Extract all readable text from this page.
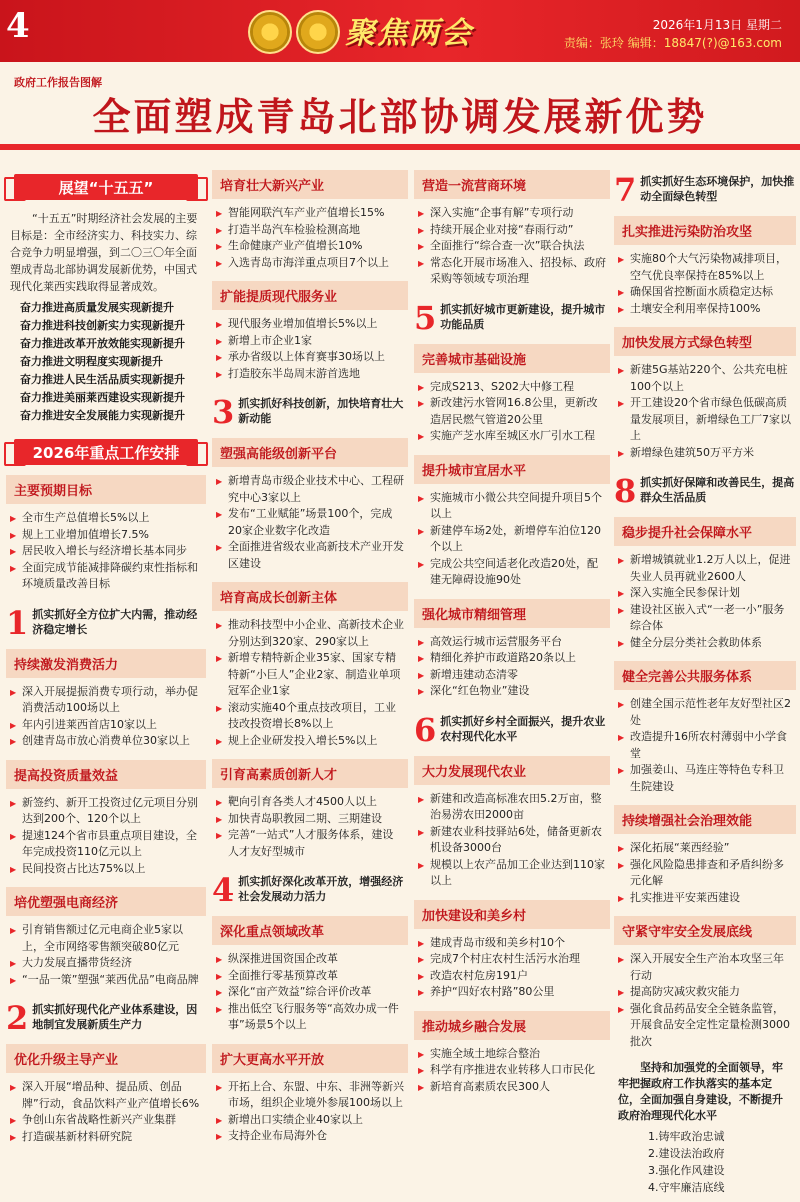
4	聚焦两会	2026年1月13日 星期二
责编：张玲 编辑：18847(?)@163.com
政府工作报告图解
全面塑成青岛北部协调发展新优势
展望“十五五”
“十五五”时期经济社会发展的主要目标是：全市经济实力、科技实力、综合竞争力明显增强，到二〇三〇年全面塑成青岛北部协调发展新优势，中国式现代化莱西实践取得显著成效。
奋力推进高质量发展实现新提升
奋力推进科技创新实力实现新提升
奋力推进改革开放效能实现新提升
奋力推进文明程度实现新提升
奋力推进人民生活品质实现新提升
奋力推进美丽莱西建设实现新提升
奋力推进安全发展能力实现新提升
2026年重点工作安排
主要预期目标
▶ 全市生产总值增长5%以上
▶ 规上工业增加值增长7.5%
▶ 居民收入增长与经济增长基本同步
▶ 全面完成节能减排降碳约束性指标和环境质量改善目标
1 抓实抓好全方位扩大内需，推动经济稳定增长
持续激发消费活力
▶ 深入开展提振消费专项行动，举办促消费活动100场以上
▶ 年内引进莱西首店10家以上
▶ 创建青岛市放心消费单位30家以上
提高投资质量效益
▶ 新签约、新开工投资过亿元项目分别达到200个、120个以上
▶ 提速124个省市县重点项目建设，全年完成投资110亿元以上
▶ 民间投资占比达75%以上
培优塑强电商经济
▶ 引育销售额过亿元电商企业5家以上，全市网络零售额突破80亿元
▶ 大力发展直播带货经济
▶ “一品一策”塑强“莱西优品”电商品牌
2 抓实抓好现代化产业体系建设，因地制宜发展新质生产力
优化升级主导产业
▶ 深入开展“增品种、提品质、创品牌”行动，食品饮料产业产值增长6%
▶ 争创山东省战略性新兴产业集群
▶ 打造碳基新材料研究院
培育壮大新兴产业
▶ 智能网联汽车产业产值增长15%
▶ 打造半岛汽车检验检测高地
▶ 生命健康产业产值增长10%
▶ 入选青岛市海洋重点项目7个以上
扩能提质现代服务业
▶ 现代服务业增加值增长5%以上
▶ 新增上市企业1家
▶ 承办省级以上体育赛事30场以上
▶ 打造胶东半岛周末游首选地
3 抓实抓好科技创新，加快培育壮大新动能
塑强高能级创新平台
▶ 新增青岛市级企业技术中心、工程研究中心3家以上
▶ 发布“工业赋能”场景100个，完成20家企业数字化改造
▶ 全面推进省级农业高新技术产业开发区建设
培育高成长创新主体
▶ 推动科技型中小企业、高新技术企业分别达到320家、290家以上
▶ 新增专精特新企业35家、国家专精特新“小巨人”企业2家、制造业单项冠军企业1家
▶ 滚动实施40个重点技改项目，工业技改投资增长8%以上
▶ 规上企业研发投入增长5%以上
引育高素质创新人才
▶ 靶向引育各类人才4500人以上
▶ 加快青岛职教园二期、三期建设
▶ 完善“一站式”人才服务体系，建设人才友好型城市
4 抓实抓好深化改革开放，增强经济社会发展动力活力
深化重点领域改革
▶ 纵深推进国资国企改革
▶ 全面推行零基预算改革
▶ 深化“亩产效益”综合评价改革
▶ 推出低空飞行服务等“高效办成一件事”场景5个以上
扩大更高水平开放
▶ 开拓上合、东盟、中东、非洲等新兴市场，组织企业境外参展100场以上
▶ 新增出口实绩企业40家以上
▶ 支持企业布局海外仓
营造一流营商环境
▶ 深入实施“企事有解”专项行动
▶ 持续开展企业对接“春雨行动”
▶ 全面推行“综合查一次”联合执法
▶ 常态化开展市场准入、招投标、政府采购等领域专项治理
5 抓实抓好城市更新建设，提升城市功能品质
完善城市基础设施
▶ 完成S213、S202大中修工程
▶ 新改建污水管网16.8公里，更新改造居民燃气管道20公里
▶ 实施产芝水库至城区水厂引水工程
提升城市宜居水平
▶ 实施城市小微公共空间提升项目5个以上
▶ 新建停车场2处，新增停车泊位120个以上
▶ 完成公共空间适老化改造20处，配建无障碍设施90处
强化城市精细管理
▶ 高效运行城市运营服务平台
▶ 精细化养护市政道路20条以上
▶ 新增违建动态清零
▶ 深化“红色物业”建设
6 抓实抓好乡村全面振兴，提升农业农村现代化水平
大力发展现代农业
▶ 新建和改造高标准农田5.2万亩，整治易涝农田2000亩
▶ 新建农业科技驿站6处，储备更新农机设备3000台
▶ 规模以上农产品加工企业达到110家以上
加快建设和美乡村
▶ 建成青岛市级和美乡村10个
▶ 完成7个村庄农村生活污水治理
▶ 改造农村危房191户
▶ 养护“四好农村路”80公里
推动城乡融合发展
▶ 实施全域土地综合整治
▶ 科学有序推进农业转移人口市民化
▶ 新培育高素质农民300人
7 抓实抓好生态环境保护，加快推动全面绿色转型
扎实推进污染防治攻坚
▶ 实施80个大气污染物减排项目，空气优良率保持在85%以上
▶ 确保国省控断面水质稳定达标
▶ 土壤安全利用率保持100%
加快发展方式绿色转型
▶ 新建5G基站220个、公共充电桩100个以上
▶ 开工建设20个省市绿色低碳高质量发展项目，新增绿色工厂7家以上
▶ 新增绿色建筑50万平方米
8 抓实抓好保障和改善民生，提高群众生活品质
稳步提升社会保障水平
▶ 新增城镇就业1.2万人以上，促进失业人员再就业2600人
▶ 深入实施全民参保计划
▶ 建设社区嵌入式“一老一小”服务综合体
▶ 健全分层分类社会救助体系
健全完善公共服务体系
▶ 创建全国示范性老年友好型社区2处
▶ 改造提升16所农村薄弱中小学食堂
▶ 加强姜山、马连庄等特色专科卫生院建设
持续增强社会治理效能
▶ 深化拓展“莱西经验”
▶ 强化风险隐患排查和矛盾纠纷多元化解
▶ 扎实推进平安莱西建设
守紧守牢安全发展底线
▶ 深入开展安全生产治本攻坚三年行动
▶ 提高防灾减灾救灾能力
▶ 强化食品药品安全全链条监管，开展食品安全定性定量检测3000批次
坚持和加强党的全面领导，牢牢把握政府工作执落实的基本定位，全面加强自身建设，不断提升政府治理现代化水平
1.铸牢政治忠诚
2.建设法治政府
3.强化作风建设
4.守牢廉洁底线
